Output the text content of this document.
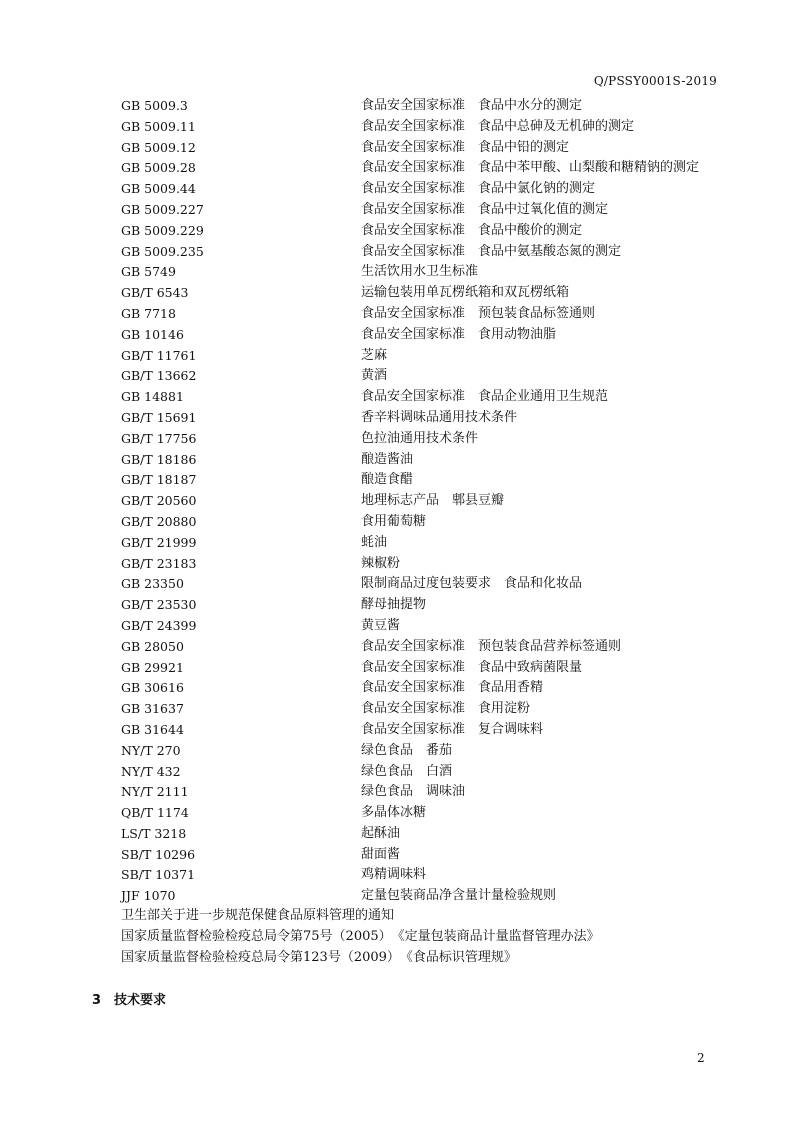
Q/PSSY0001S-2019
GB 5009.3	食品安全国家标准　食品中水分的测定
GB 5009.11	食品安全国家标准　食品中总砷及无机砷的测定
GB 5009.12	食品安全国家标准　食品中铅的测定
GB 5009.28	食品安全国家标准　食品中苯甲酸、山梨酸和糖精钠的测定
GB 5009.44	食品安全国家标准　食品中氯化钠的测定
GB 5009.227	食品安全国家标准　食品中过氧化值的测定
GB 5009.229	食品安全国家标准　食品中酸价的测定
GB 5009.235	食品安全国家标准　食品中氨基酸态氮的测定
GB 5749	生活饮用水卫生标准
GB/T 6543	运输包装用单瓦楞纸箱和双瓦楞纸箱
GB 7718	食品安全国家标准　预包装食品标签通则
GB 10146	食品安全国家标准　食用动物油脂
GB/T 11761	芝麻
GB/T 13662	黄酒
GB 14881	食品安全国家标准　食品企业通用卫生规范
GB/T 15691	香辛料调味品通用技术条件
GB/T 17756	色拉油通用技术条件
GB/T 18186	酿造酱油
GB/T 18187	酿造食醋
GB/T 20560	地理标志产品　郫县豆瓣
GB/T 20880	食用葡萄糖
GB/T 21999	蚝油
GB/T 23183	辣椒粉
GB 23350	限制商品过度包装要求　食品和化妆品
GB/T 23530	酵母抽提物
GB/T 24399	黄豆酱
GB 28050	食品安全国家标准　预包装食品营养标签通则
GB 29921	食品安全国家标准　食品中致病菌限量
GB 30616	食品安全国家标准　食品用香精
GB 31637	食品安全国家标准　食用淀粉
GB 31644	食品安全国家标准　复合调味料
NY/T 270	绿色食品　番茄
NY/T 432	绿色食品　白酒
NY/T 2111	绿色食品　调味油
QB/T 1174	多晶体冰糖
LS/T 3218	起酥油
SB/T 10296	甜面酱
SB/T 10371	鸡精调味料
JJF 1070	定量包装商品净含量计量检验规则
卫生部关于进一步规范保健食品原料管理的通知
国家质量监督检验检疫总局令第75号（2005）　《定量包装商品计量监督管理办法》
国家质量监督检验检疫总局令第123号（2009）　《食品标识管理规》
3 技术要求
2
